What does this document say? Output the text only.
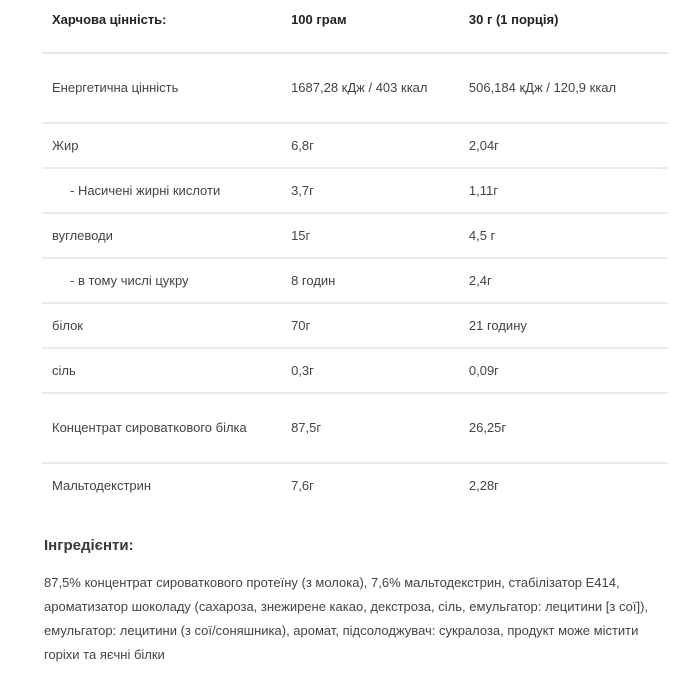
Харчова цінність:	100 грам	30 г (1 порція)
Енергетична цінність	1687,28 кДж / 403 ккал	506,184 кДж / 120,9 ккал
Жир	6,8г	2,04г
- Насичені жирні кислоти	3,7г	1,11г
вуглеводи	15г	4,5 г
- в тому числі цукру	8 годин	2,4г
білок	70г	21 годину
сіль	0,3г	0,09г
Концентрат сироваткового білка	87,5г	26,25г
Мальтодекстрин	7,6г	2,28г
Інгредієнти:

87,5% концентрат сироваткового протеїну (з молока), 7,6% мальтодекстрин, стабілізатор Е414, ароматизатор шоколаду (сахароза, знежирене какао, декстроза, сіль, емульгатор: лецитини [з сої]), емульгатор: лецитини (з сої/соняшника), аромат, підсолоджувач: сукралоза, продукт може містити горіхи та яєчні білки
